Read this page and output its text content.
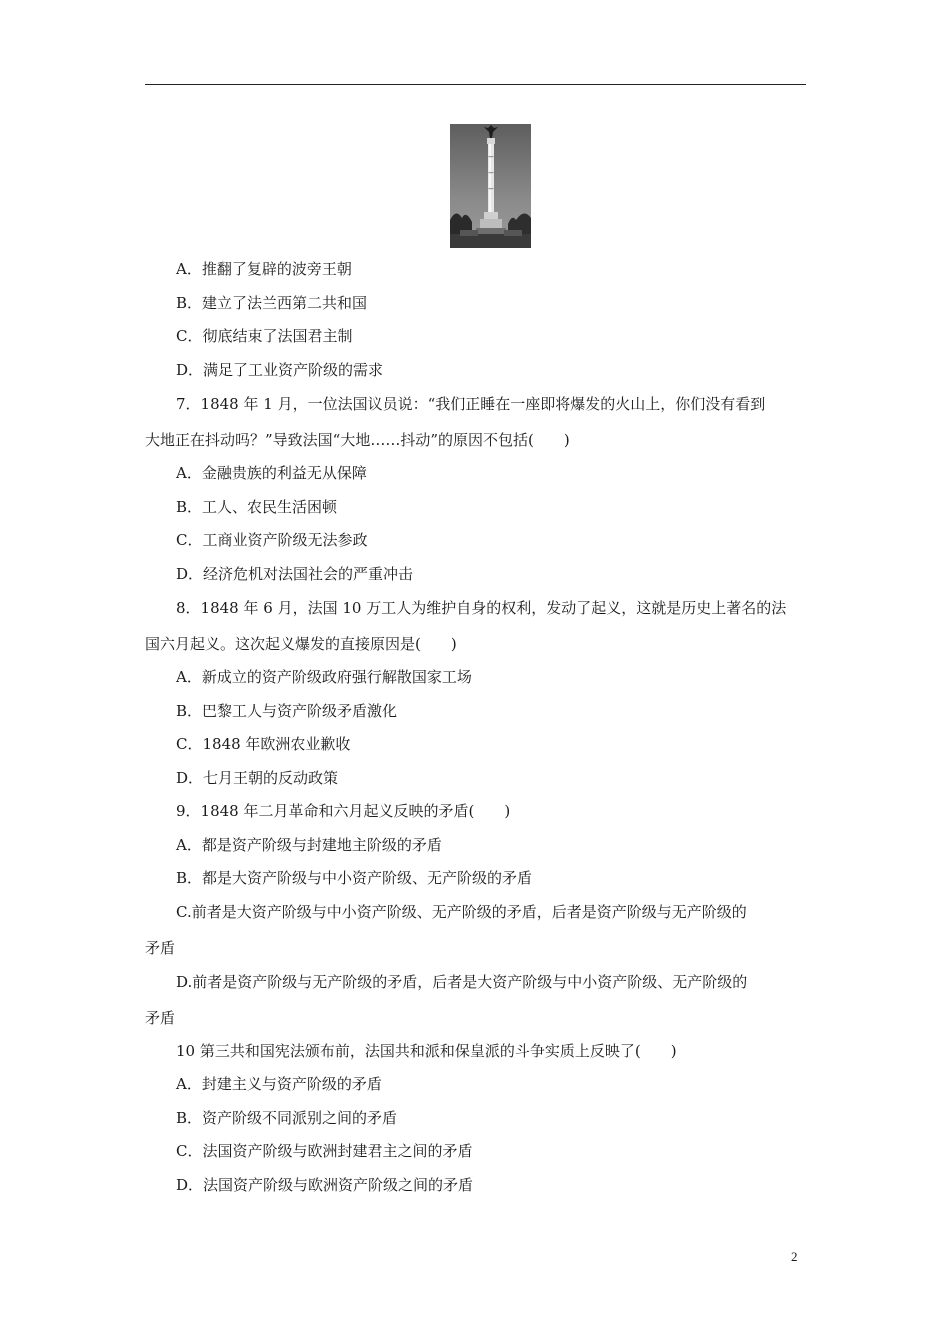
A．推翻了复辟的波旁王朝
B．建立了法兰西第二共和国
C．彻底结束了法国君主制
D．满足了工业资产阶级的需求
7．1848 年 1 月，一位法国议员说：“我们正睡在一座即将爆发的火山上，你们没有看到
大地正在抖动吗？”导致法国“大地……抖动”的原因不包括(　　)
A．金融贵族的利益无从保障
B．工人、农民生活困顿
C．工商业资产阶级无法参政
D．经济危机对法国社会的严重冲击
8．1848 年 6 月，法国 10 万工人为维护自身的权利，发动了起义，这就是历史上著名的法
国六月起义。这次起义爆发的直接原因是(　　)
A．新成立的资产阶级政府强行解散国家工场
B．巴黎工人与资产阶级矛盾激化
C．1848 年欧洲农业歉收
D．七月王朝的反动政策
9．1848 年二月革命和六月起义反映的矛盾(　　)
A．都是资产阶级与封建地主阶级的矛盾
B．都是大资产阶级与中小资产阶级、无产阶级的矛盾
C.前者是大资产阶级与中小资产阶级、无产阶级的矛盾，后者是资产阶级与无产阶级的
矛盾
D.前者是资产阶级与无产阶级的矛盾，后者是大资产阶级与中小资产阶级、无产阶级的
矛盾
10 第三共和国宪法颁布前，法国共和派和保皇派的斗争实质上反映了(　　)
A．封建主义与资产阶级的矛盾
B．资产阶级不同派别之间的矛盾
C．法国资产阶级与欧洲封建君主之间的矛盾
D．法国资产阶级与欧洲资产阶级之间的矛盾
2
